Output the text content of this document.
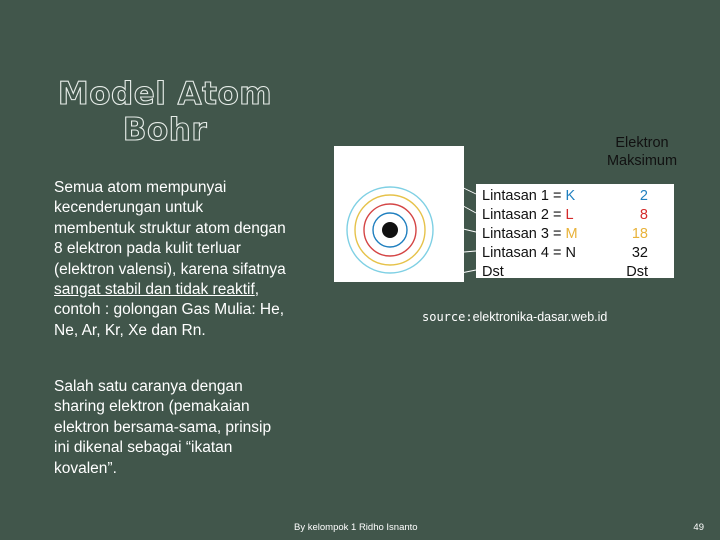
Model Atom
Bohr
Semua atom mempunyai kecenderungan untuk membentuk struktur atom dengan 8 elektron pada kulit terluar (elektron valensi), karena sifatnya sangat stabil dan tidak reaktif, contoh : golongan Gas Mulia: He, Ne, Ar, Kr, Xe dan Rn.
Salah satu caranya dengan sharing elektron (pemakaian elektron bersama-sama, prinsip ini dikenal sebagai “ikatan kovalen”.
Lintasan 1 = K	2
Lintasan 2 = L	8
Lintasan 3 = M	18
Lintasan 4 = N	32
Dst	Dst
Elektron
Maksimum
source:elektronika-dasar.web.id
By kelompok 1 Ridho Isnanto	49
